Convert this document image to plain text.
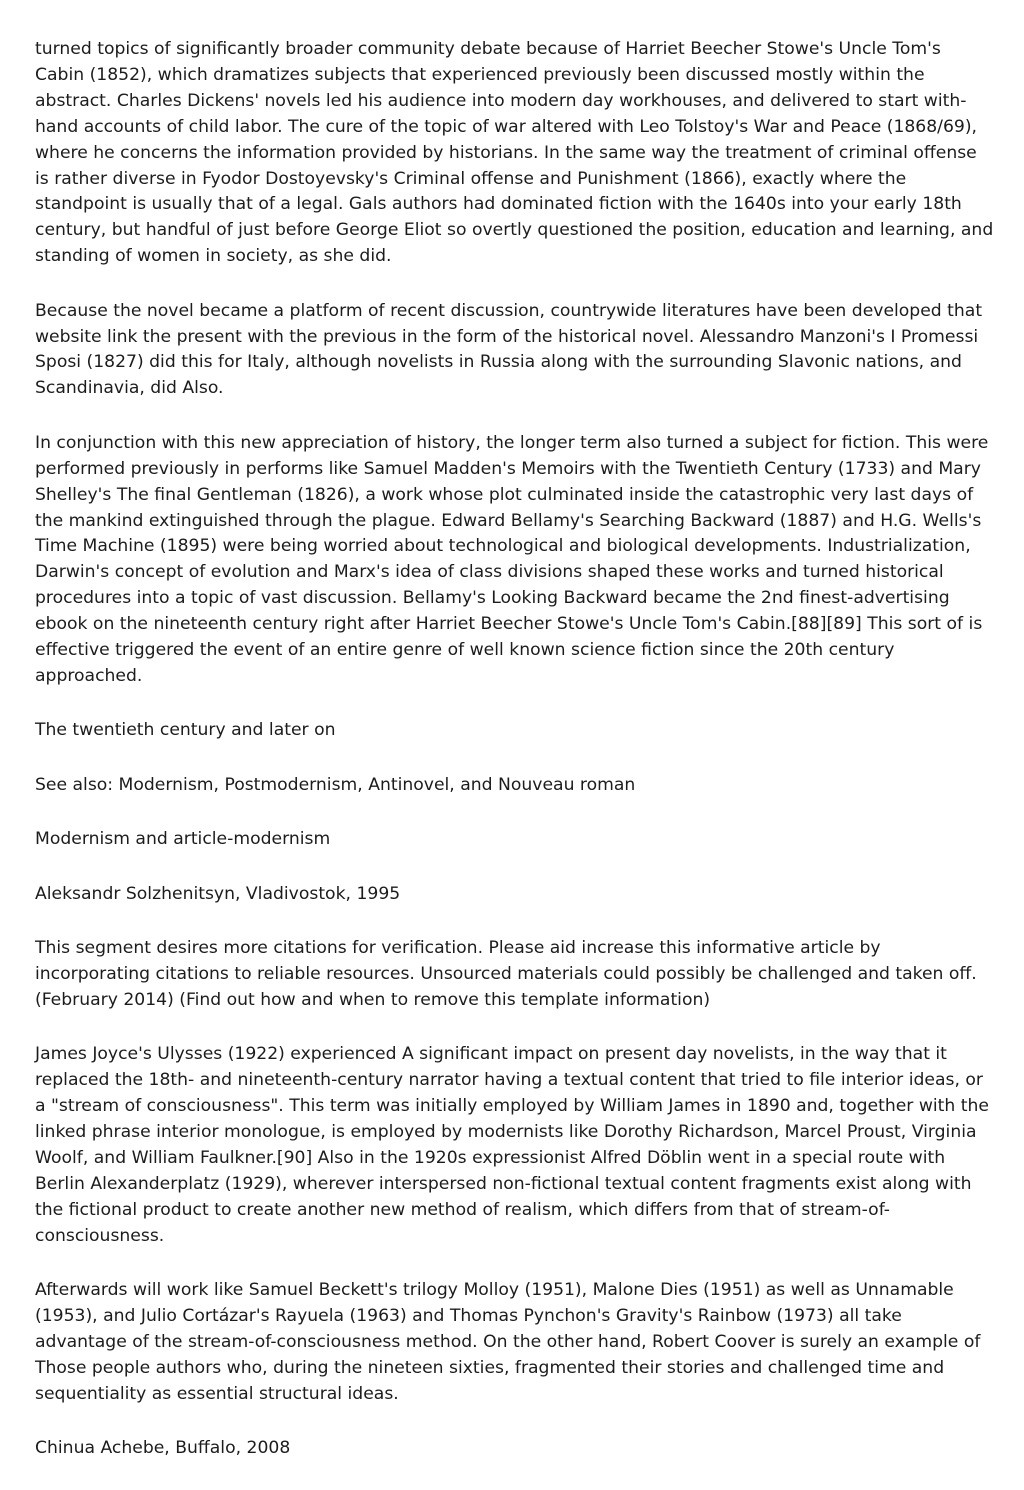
turned topics of significantly broader community debate because of Harriet Beecher Stowe's Uncle Tom's Cabin (1852), which dramatizes subjects that experienced previously been discussed mostly within the abstract. Charles Dickens' novels led his audience into modern day workhouses, and delivered to start with-hand accounts of child labor. The cure of the topic of war altered with Leo Tolstoy's War and Peace (1868/69), where he concerns the information provided by historians. In the same way the treatment of criminal offense is rather diverse in Fyodor Dostoyevsky's Criminal offense and Punishment (1866), exactly where the standpoint is usually that of a legal. Gals authors had dominated fiction with the 1640s into your early 18th century, but handful of just before George Eliot so overtly questioned the position, education and learning, and standing of women in society, as she did.

Because the novel became a platform of recent discussion, countrywide literatures have been developed that website link the present with the previous in the form of the historical novel. Alessandro Manzoni's I Promessi Sposi (1827) did this for Italy, although novelists in Russia along with the surrounding Slavonic nations, and Scandinavia, did Also.

In conjunction with this new appreciation of history, the longer term also turned a subject for fiction. This were performed previously in performs like Samuel Madden's Memoirs with the Twentieth Century (1733) and Mary Shelley's The final Gentleman (1826), a work whose plot culminated inside the catastrophic very last days of the mankind extinguished through the plague. Edward Bellamy's Searching Backward (1887) and H.G. Wells's Time Machine (1895) were being worried about technological and biological developments. Industrialization, Darwin's concept of evolution and Marx's idea of class divisions shaped these works and turned historical procedures into a topic of vast discussion. Bellamy's Looking Backward became the 2nd finest-advertising ebook on the nineteenth century right after Harriet Beecher Stowe's Uncle Tom's Cabin.[88][89] This sort of is effective triggered the event of an entire genre of well known science fiction since the 20th century approached.

The twentieth century and later on

See also: Modernism, Postmodernism, Antinovel, and Nouveau roman

Modernism and article-modernism

Aleksandr Solzhenitsyn, Vladivostok, 1995

This segment desires more citations for verification. Please aid increase this informative article by incorporating citations to reliable resources. Unsourced materials could possibly be challenged and taken off. (February 2014) (Find out how and when to remove this template information)

James Joyce's Ulysses (1922) experienced A significant impact on present day novelists, in the way that it replaced the 18th- and nineteenth-century narrator having a textual content that tried to file interior ideas, or a "stream of consciousness". This term was initially employed by William James in 1890 and, together with the linked phrase interior monologue, is employed by modernists like Dorothy Richardson, Marcel Proust, Virginia Woolf, and William Faulkner.[90] Also in the 1920s expressionist Alfred Döblin went in a special route with Berlin Alexanderplatz (1929), wherever interspersed non-fictional textual content fragments exist along with the fictional product to create another new method of realism, which differs from that of stream-of-consciousness.

Afterwards will work like Samuel Beckett's trilogy Molloy (1951), Malone Dies (1951) as well as Unnamable (1953), and Julio Cortázar's Rayuela (1963) and Thomas Pynchon's Gravity's Rainbow (1973) all take advantage of the stream-of-consciousness method. On the other hand, Robert Coover is surely an example of Those people authors who, during the nineteen sixties, fragmented their stories and challenged time and sequentiality as essential structural ideas.

Chinua Achebe, Buffalo, 2008
